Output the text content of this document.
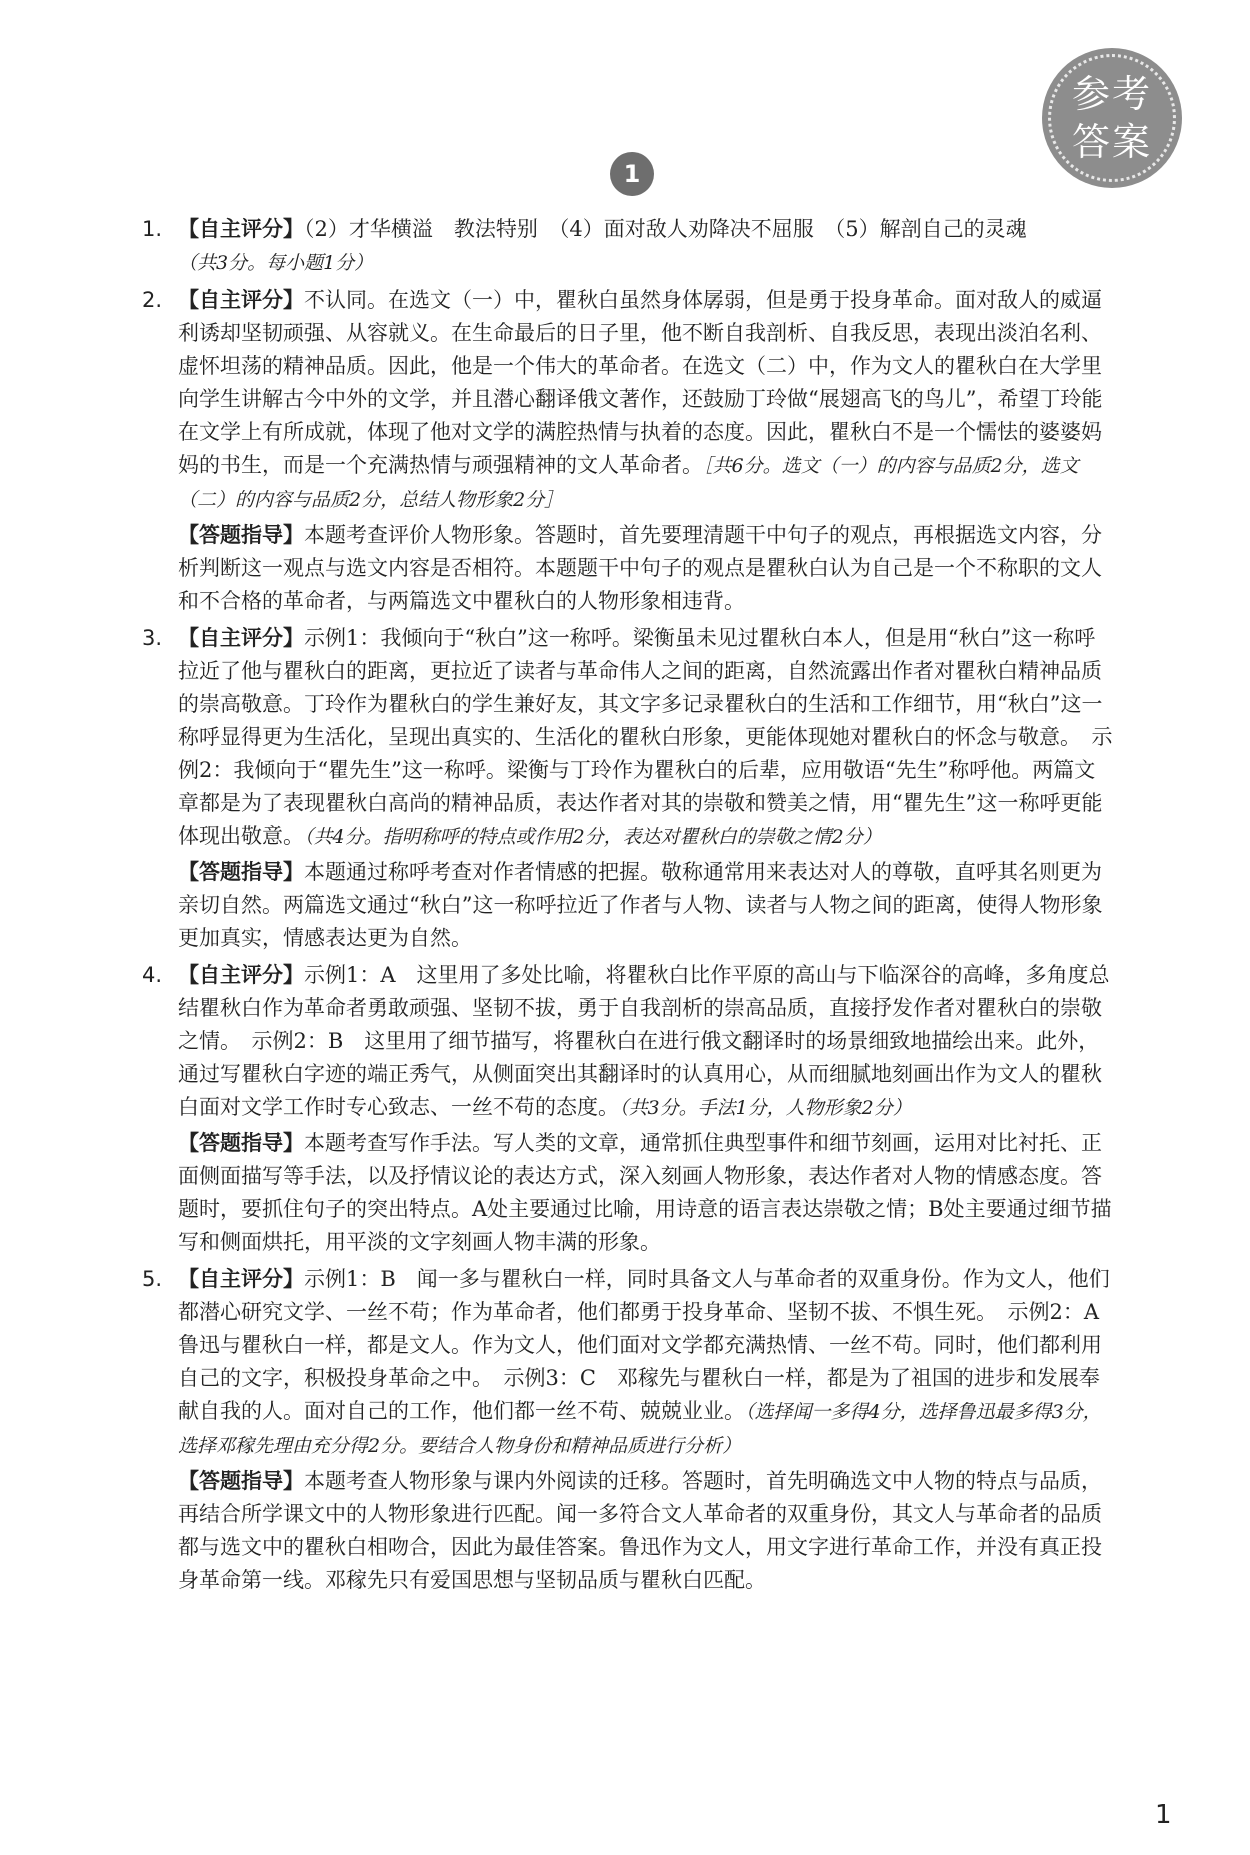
参考
答案
1
1. 【自主评分】（2）才华横溢　教法特别　（4）面对敌人劝降决不屈服　（5）解剖自己的灵魂
（共3分。每小题1分）
2. 【自主评分】不认同。在选文（一）中，瞿秋白虽然身体孱弱，但是勇于投身革命。面对敌人的威逼利诱却坚韧顽强、从容就义。在生命最后的日子里，他不断自我剖析、自我反思，表现出淡泊名利、虚怀坦荡的精神品质。因此，他是一个伟大的革命者。在选文（二）中，作为文人的瞿秋白在大学里向学生讲解古今中外的文学，并且潜心翻译俄文著作，还鼓励丁玲做“展翅高飞的鸟儿”，希望丁玲能在文学上有所成就，体现了他对文学的满腔热情与执着的态度。因此，瞿秋白不是一个懦怯的婆婆妈妈的书生，而是一个充满热情与顽强精神的文人革命者。［共6分。选文（一）的内容与品质2分，选文（二）的内容与品质2分，总结人物形象2分］
【答题指导】本题考查评价人物形象。答题时，首先要理清题干中句子的观点，再根据选文内容，分析判断这一观点与选文内容是否相符。本题题干中句子的观点是瞿秋白认为自己是一个不称职的文人和不合格的革命者，与两篇选文中瞿秋白的人物形象相违背。
3. 【自主评分】示例1：我倾向于“秋白”这一称呼。梁衡虽未见过瞿秋白本人，但是用“秋白”这一称呼拉近了他与瞿秋白的距离，更拉近了读者与革命伟人之间的距离，自然流露出作者对瞿秋白精神品质的崇高敬意。丁玲作为瞿秋白的学生兼好友，其文字多记录瞿秋白的生活和工作细节，用“秋白”这一称呼显得更为生活化，呈现出真实的、生活化的瞿秋白形象，更能体现她对瞿秋白的怀念与敬意。　示例2：我倾向于“瞿先生”这一称呼。梁衡与丁玲作为瞿秋白的后辈，应用敬语“先生”称呼他。两篇文章都是为了表现瞿秋白高尚的精神品质，表达作者对其的崇敬和赞美之情，用“瞿先生”这一称呼更能体现出敬意。（共4分。指明称呼的特点或作用2分，表达对瞿秋白的崇敬之情2分）
【答题指导】本题通过称呼考查对作者情感的把握。敬称通常用来表达对人的尊敬，直呼其名则更为亲切自然。两篇选文通过“秋白”这一称呼拉近了作者与人物、读者与人物之间的距离，使得人物形象更加真实，情感表达更为自然。
4. 【自主评分】示例1：A　这里用了多处比喻，将瞿秋白比作平原的高山与下临深谷的高峰，多角度总结瞿秋白作为革命者勇敢顽强、坚韧不拔，勇于自我剖析的崇高品质，直接抒发作者对瞿秋白的崇敬之情。　示例2：B　这里用了细节描写，将瞿秋白在进行俄文翻译时的场景细致地描绘出来。此外，通过写瞿秋白字迹的端正秀气，从侧面突出其翻译时的认真用心，从而细腻地刻画出作为文人的瞿秋白面对文学工作时专心致志、一丝不苟的态度。（共3分。手法1分，人物形象2分）
【答题指导】本题考查写作手法。写人类的文章，通常抓住典型事件和细节刻画，运用对比衬托、正面侧面描写等手法，以及抒情议论的表达方式，深入刻画人物形象，表达作者对人物的情感态度。答题时，要抓住句子的突出特点。A处主要通过比喻，用诗意的语言表达崇敬之情；B处主要通过细节描写和侧面烘托，用平淡的文字刻画人物丰满的形象。
5. 【自主评分】示例1：B　闻一多与瞿秋白一样，同时具备文人与革命者的双重身份。作为文人，他们都潜心研究文学、一丝不苟；作为革命者，他们都勇于投身革命、坚韧不拔、不惧生死。　示例2：A　鲁迅与瞿秋白一样，都是文人。作为文人，他们面对文学都充满热情、一丝不苟。同时，他们都利用自己的文字，积极投身革命之中。　示例3：C　邓稼先与瞿秋白一样，都是为了祖国的进步和发展奉献自我的人。面对自己的工作，他们都一丝不苟、兢兢业业。（选择闻一多得4分，选择鲁迅最多得3分，选择邓稼先理由充分得2分。要结合人物身份和精神品质进行分析）
【答题指导】本题考查人物形象与课内外阅读的迁移。答题时，首先明确选文中人物的特点与品质，再结合所学课文中的人物形象进行匹配。闻一多符合文人革命者的双重身份，其文人与革命者的品质都与选文中的瞿秋白相吻合，因此为最佳答案。鲁迅作为文人，用文字进行革命工作，并没有真正投身革命第一线。邓稼先只有爱国思想与坚韧品质与瞿秋白匹配。
1
